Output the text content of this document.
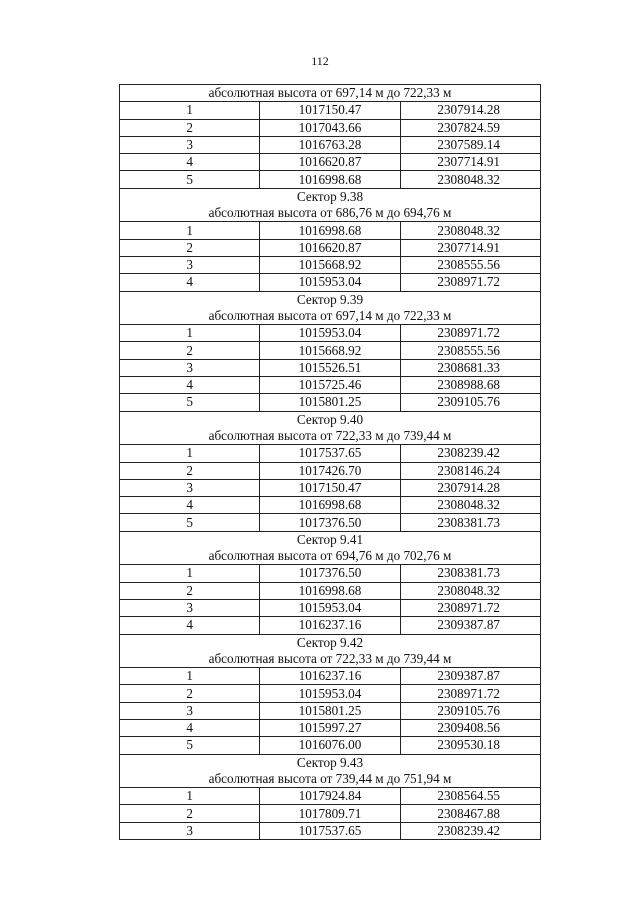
112
абсолютная высота от 697,14 м до 722,33 м		
1	1017150.47	2307914.28
2	1017043.66	2307824.59
3	1016763.28	2307589.14
4	1016620.87	2307714.91
5	1016998.68	2308048.32
Сектор 9.38		
абсолютная высота от 686,76 м до 694,76 м		
1	1016998.68	2308048.32
2	1016620.87	2307714.91
3	1015668.92	2308555.56
4	1015953.04	2308971.72
Сектор 9.39		
абсолютная высота от 697,14 м до 722,33 м		
1	1015953.04	2308971.72
2	1015668.92	2308555.56
3	1015526.51	2308681.33
4	1015725.46	2308988.68
5	1015801.25	2309105.76
Сектор 9.40		
абсолютная высота от 722,33 м до 739,44 м		
1	1017537.65	2308239.42
2	1017426.70	2308146.24
3	1017150.47	2307914.28
4	1016998.68	2308048.32
5	1017376.50	2308381.73
Сектор 9.41		
абсолютная высота от 694,76 м до 702,76 м		
1	1017376.50	2308381.73
2	1016998.68	2308048.32
3	1015953.04	2308971.72
4	1016237.16	2309387.87
Сектор 9.42		
абсолютная высота от 722,33 м до 739,44 м		
1	1016237.16	2309387.87
2	1015953.04	2308971.72
3	1015801.25	2309105.76
4	1015997.27	2309408.56
5	1016076.00	2309530.18
Сектор 9.43		
абсолютная высота от 739,44 м до 751,94 м		
1	1017924.84	2308564.55
2	1017809.71	2308467.88
3	1017537.65	2308239.42
